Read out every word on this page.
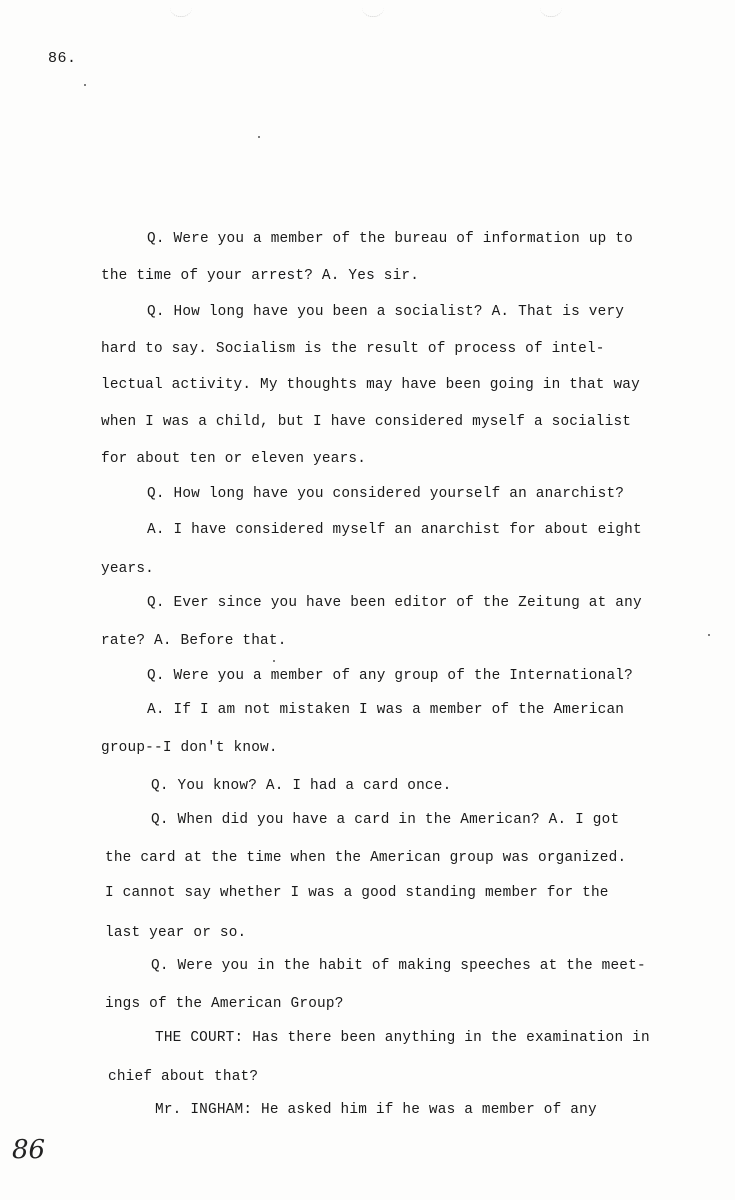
86.
Q. Were you a member of the bureau of information up to
the time of your arrest? A. Yes sir.
Q. How long have you been a socialist? A. That is very
hard to say. Socialism is the result of process of intel-
lectual activity. My thoughts may have been going in that way
when I was a child, but I have considered myself a socialist
for about ten or eleven years.
Q. How long have you considered yourself an anarchist?
A. I have considered myself an anarchist for about eight
years.
Q. Ever since you have been editor of the Zeitung at any
rate? A. Before that.
Q. Were you a member of any group of the International?
A. If I am not mistaken I was a member of the American
group--I don't know.
Q. You know? A. I had a card once.
Q. When did you have a card in the American? A. I got
the card at the time when the American group was organized.
I cannot say whether I was a good standing member for the
last year or so.
Q. Were you in the habit of making speeches at the meet-
ings of the American Group?
THE COURT: Has there been anything in the examination in
chief about that?
Mr. INGHAM: He asked him if he was a member of any
86
